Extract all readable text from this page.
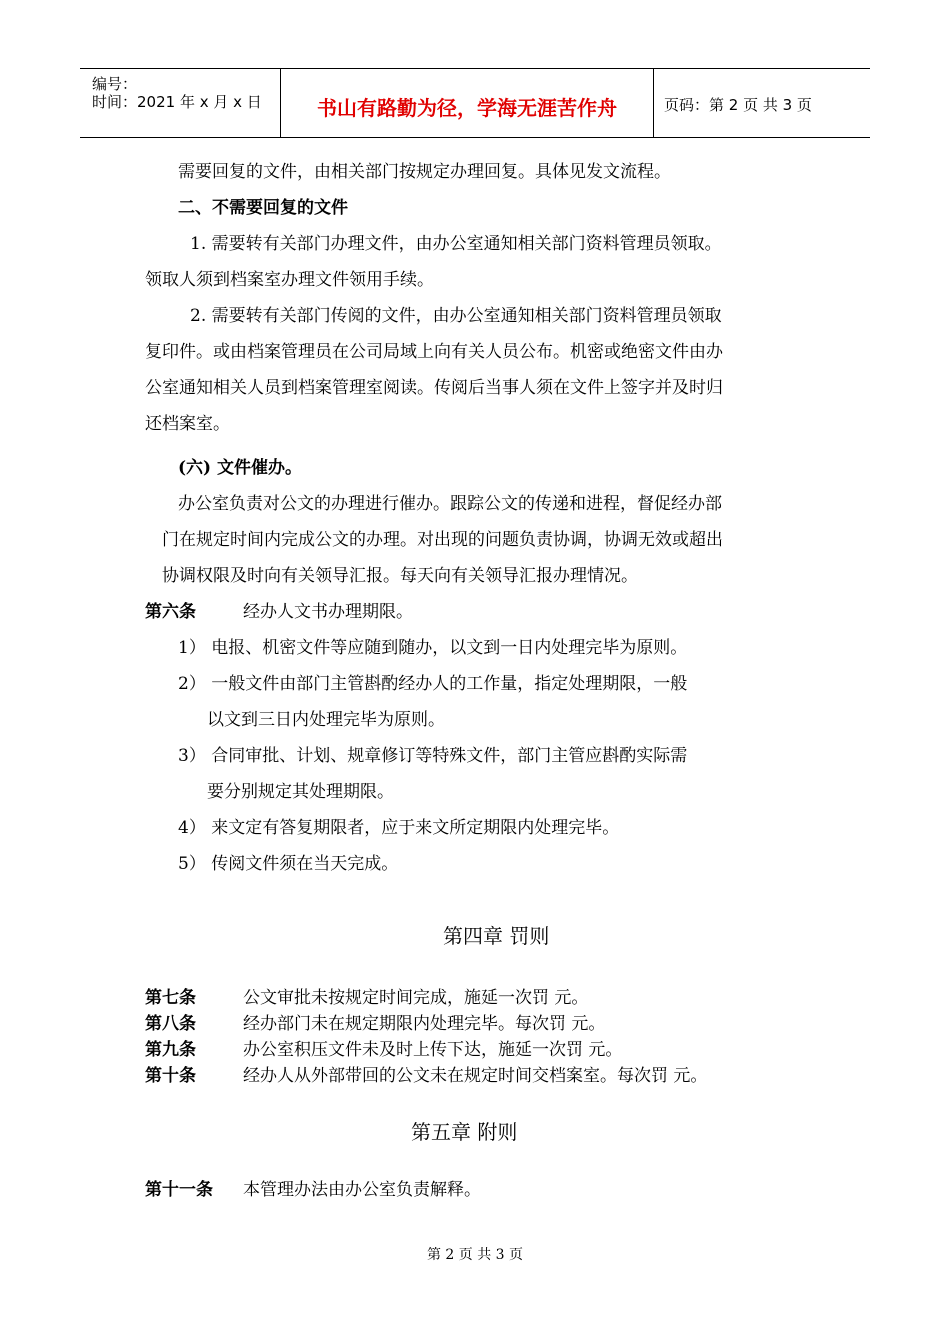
编号：
时间：2021 年 x 月 x 日	书山有路勤为径，学海无涯苦作舟	页码：第 2 页 共 3 页
需要回复的文件，由相关部门按规定办理回复。具体见发文流程。
二、不需要回复的文件
1. 需要转有关部门办理文件，由办公室通知相关部门资料管理员领取。
领取人须到档案室办理文件领用手续。
2. 需要转有关部门传阅的文件，由办公室通知相关部门资料管理员领取
复印件。或由档案管理员在公司局域上向有关人员公布。机密或绝密文件由办
公室通知相关人员到档案管理室阅读。传阅后当事人须在文件上签字并及时归
还档案室。
(六) 文件催办。
办公室负责对公文的办理进行催办。跟踪公文的传递和进程，督促经办部
门在规定时间内完成公文的办理。对出现的问题负责协调，协调无效或超出
协调权限及时向有关领导汇报。每天向有关领导汇报办理情况。
第六条	经办人文书办理期限。
1） 电报、机密文件等应随到随办，以文到一日内处理完毕为原则。
2） 一般文件由部门主管斟酌经办人的工作量，指定处理期限，一般
以文到三日内处理完毕为原则。
3） 合同审批、计划、规章修订等特殊文件，部门主管应斟酌实际需
要分别规定其处理期限。
4） 来文定有答复期限者，应于来文所定期限内处理完毕。
5） 传阅文件须在当天完成。
第四章 罚则
第七条	公文审批未按规定时间完成，施延一次罚 元。
第八条	经办部门未在规定期限内处理完毕。每次罚 元。
第九条	办公室积压文件未及时上传下达，施延一次罚 元。
第十条	经办人从外部带回的公文未在规定时间交档案室。每次罚 元。
第五章 附则
第十一条 本管理办法由办公室负责解释。
第 2 页 共 3 页
